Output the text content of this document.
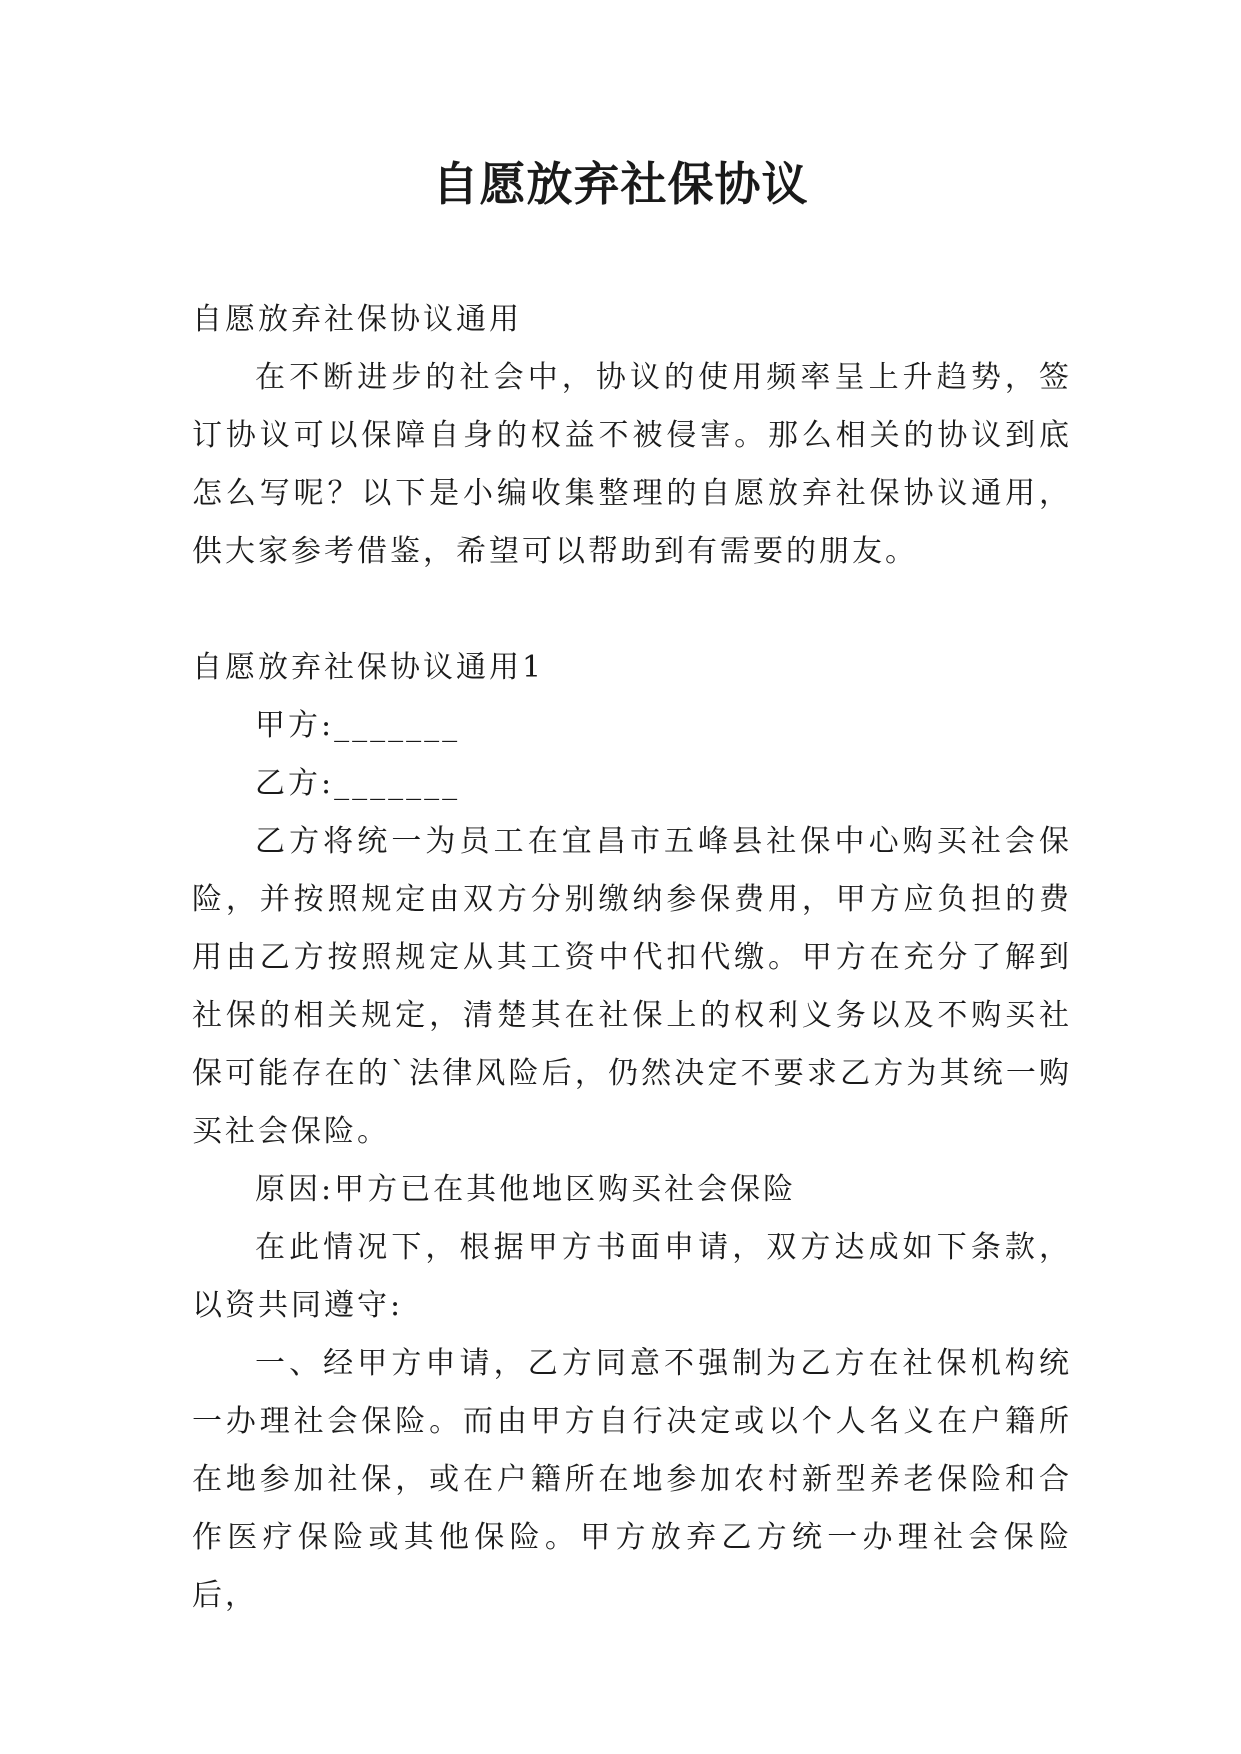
自愿放弃社保协议

自愿放弃社保协议通用

在不断进步的社会中，协议的使用频率呈上升趋势，签订协议可以保障自身的权益不被侵害。那么相关的协议到底怎么写呢？以下是小编收集整理的自愿放弃社保协议通用，供大家参考借鉴，希望可以帮助到有需要的朋友。

自愿放弃社保协议通用1

甲方:_______

乙方:_______

乙方将统一为员工在宜昌市五峰县社保中心购买社会保险，并按照规定由双方分别缴纳参保费用，甲方应负担的费用由乙方按照规定从其工资中代扣代缴。甲方在充分了解到社保的相关规定，清楚其在社保上的权利义务以及不购买社保可能存在的`法律风险后，仍然决定不要求乙方为其统一购买社会保险。

原因:甲方已在其他地区购买社会保险

在此情况下，根据甲方书面申请，双方达成如下条款，以资共同遵守:

一、经甲方申请，乙方同意不强制为乙方在社保机构统一办理社会保险。而由甲方自行决定或以个人名义在户籍所在地参加社保，或在户籍所在地参加农村新型养老保险和合作医疗保险或其他保险。甲方放弃乙方统一办理社会保险后，
